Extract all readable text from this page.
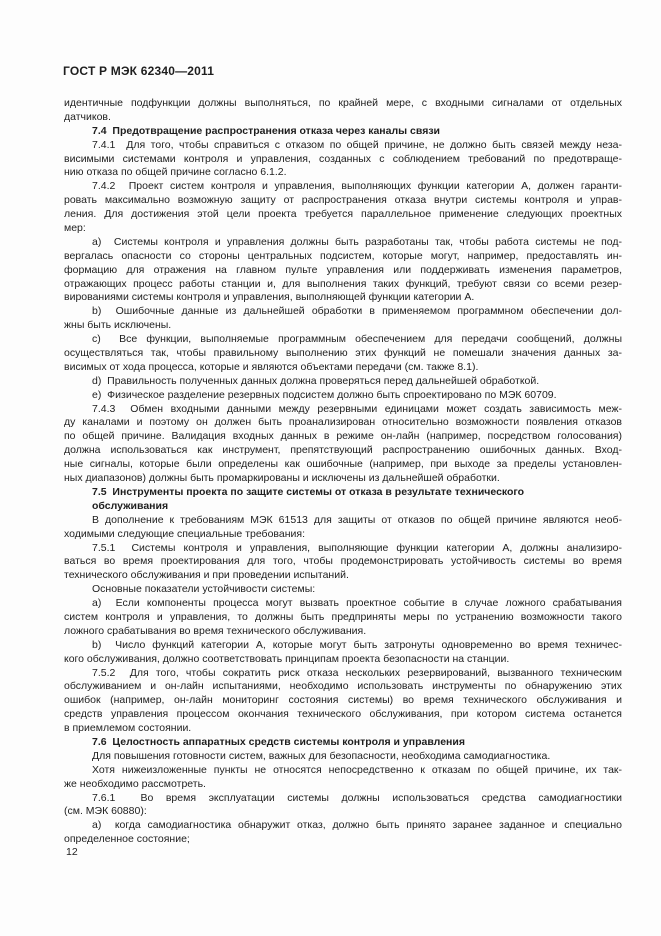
ГОСТ Р МЭК 62340—2011
идентичные подфункции должны выполняться, по крайней мере, с входными сигналами от отдельных
датчиков.
7.4  Предотвращение распространения отказа через каналы связи
7.4.1  Для того, чтобы справиться с отказом по общей причине, не должно быть связей между неза-
висимыми системами контроля и управления, созданных с соблюдением требований по предотвраще-
нию отказа по общей причине согласно 6.1.2.
7.4.2  Проект систем контроля и управления, выполняющих функции категории А, должен гаранти-
ровать максимально возможную защиту от распространения отказа внутри системы контроля и управ-
ления. Для достижения этой цели проекта требуется параллельное применение следующих проектных
мер:
a)  Системы контроля и управления должны быть разработаны так, чтобы работа системы не под-
вергалась опасности со стороны центральных подсистем, которые могут, например, предоставлять ин-
формацию для отражения на главном пульте управления или поддерживать изменения параметров,
отражающих процесс работы станции и, для выполнения таких функций, требуют связи со всеми резер-
вированиями системы контроля и управления, выполняющей функции категории А.
b)  Ошибочные данные из дальнейшей обработки в применяемом программном обеспечении дол-
жны быть исключены.
c)  Все функции, выполняемые программным обеспечением для передачи сообщений, должны
осуществляться так, чтобы правильному выполнению этих функций не помешали значения данных за-
висимых от хода процесса, которые и являются объектами передачи (см. также 8.1).
d)  Правильность полученных данных должна проверяться перед дальнейшей обработкой.
e)  Физическое разделение резервных подсистем должно быть спроектировано по МЭК 60709.
7.4.3  Обмен входными данными между резервными единицами может создать зависимость меж-
ду каналами и поэтому он должен быть проанализирован относительно возможности появления отказов
по общей причине. Валидация входных данных в режиме он-лайн (например, посредством голосования)
должна использоваться как инструмент, препятствующий распространению ошибочных данных. Вход-
ные сигналы, которые были определены как ошибочные (например, при выходе за пределы установлен-
ных диапазонов) должны быть промаркированы и исключены из дальнейшей обработки.
7.5  Инструменты проекта по защите системы от отказа в результате технического
обслуживания
В дополнение к требованиям МЭК 61513 для защиты от отказов по общей причине являются необ-
ходимыми следующие специальные требования:
7.5.1  Системы контроля и управления, выполняющие функции категории А, должны анализиро-
ваться во время проектирования для того, чтобы продемонстрировать устойчивость системы во время
технического обслуживания и при проведении испытаний.
Основные показатели устойчивости системы:
a)  Если компоненты процесса могут вызвать проектное событие в случае ложного срабатывания
систем контроля и управления, то должны быть предприняты меры по устранению возможности такого
ложного срабатывания во время технического обслуживания.
b)  Число функций категории А, которые могут быть затронуты одновременно во время техничес-
кого обслуживания, должно соответствовать принципам проекта безопасности на станции.
7.5.2  Для того, чтобы сократить риск отказа нескольких резервирований, вызванного техническим
обслуживанием и он-лайн испытаниями, необходимо использовать инструменты по обнаружению этих
ошибок (например, он-лайн мониторинг состояния системы) во время технического обслуживания и
средств управления процессом окончания технического обслуживания, при котором система останется
в приемлемом состоянии.
7.6  Целостность аппаратных средств системы контроля и управления
Для повышения готовности систем, важных для безопасности, необходима самодиагностика.
Хотя нижеизложенные пункты не относятся непосредственно к отказам по общей причине, их так-
же необходимо рассмотреть.
7.6.1  Во время эксплуатации системы должны использоваться средства самодиагностики
(см. МЭК 60880):
a)  когда самодиагностика обнаружит отказ, должно быть принято заранее заданное и специально
определенное состояние;
12
